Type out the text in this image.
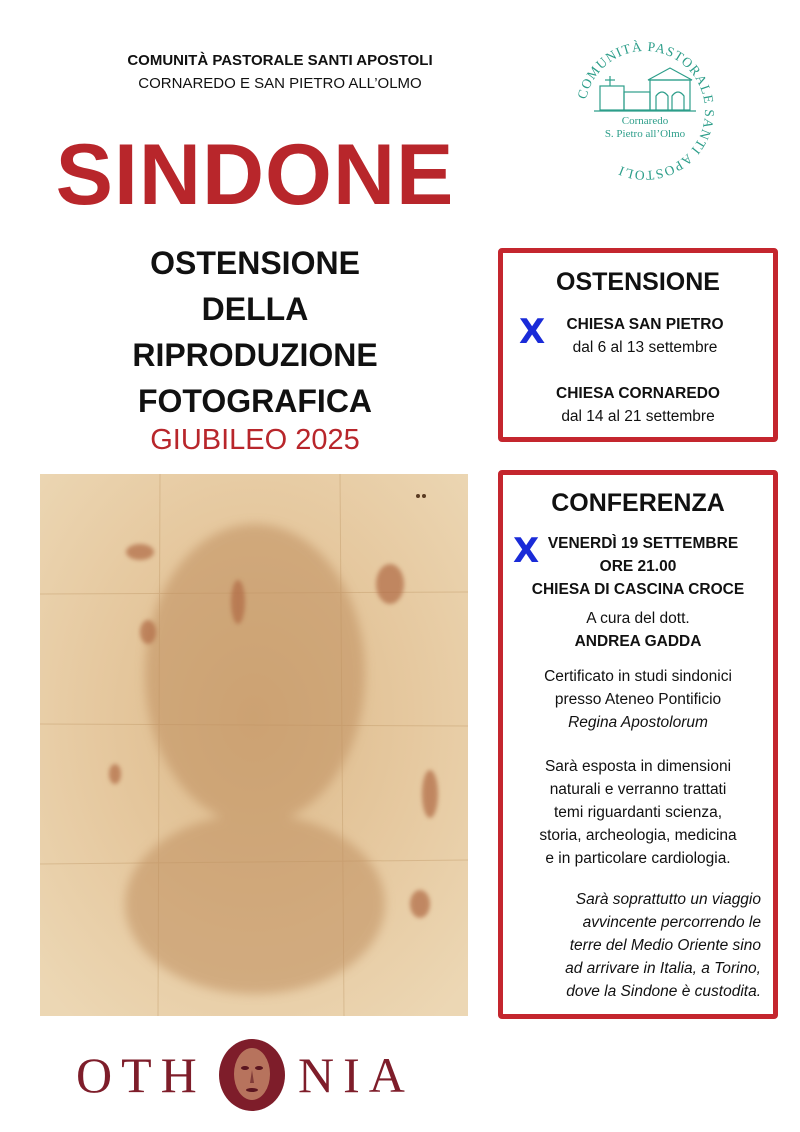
COMUNITÀ PASTORALE SANTI APOSTOLI
CORNAREDO E SAN PIETRO ALL’OLMO
COMUNITÀ PASTORALE SANTI APOSTOLI
Cornaredo
S. Pietro all’Olmo
SINDONE
OSTENSIONE
DELLA
RIPRODUZIONE
FOTOGRAFICA
GIUBILEO 2025
OSTENSIONE
X	CHIESA SAN PIETRO
dal 6 al 13 settembre
CHIESA CORNAREDO
dal 14 al 21 settembre
CONFERENZA
X VENERDÌ 19 SETTEMBRE
ORE 21.00
CHIESA DI CASCINA CROCE
A cura del dott.
ANDREA GADDA
Certificato in studi sindonici
presso Ateneo Pontificio
Regina Apostolorum
Sarà esposta in dimensioni
naturali e verranno trattati
temi riguardanti scienza,
storia, archeologia, medicina
e in particolare cardiologia.
Sarà soprattutto un viaggio
avvincente percorrendo le
terre del Medio Oriente sino
ad arrivare in Italia, a Torino,
dove la Sindone è custodita.
OTH NIA
